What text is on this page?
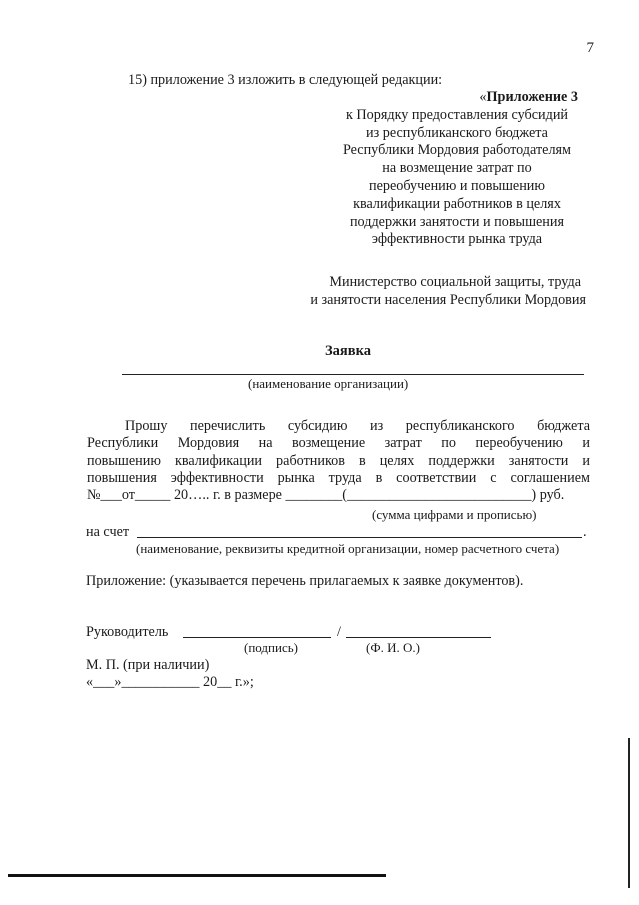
7
15) приложение 3 изложить в следующей редакции:
«Приложение 3
к Порядку предоставления субсидий
из республиканского бюджета
Республики Мордовия работодателям
на возмещение затрат по
переобучению и повышению
квалификации работников в целях
поддержки занятости и повышения
эффективности рынка труда
Министерство социальной защиты, труда
и занятости населения Республики Мордовия
Заявка
(наименование организации)
Прошу перечислить субсидию из республиканского бюджета
Республики Мордовия на возмещение затрат по переобучению и
повышению квалификации работников в целях поддержки занятости и
повышения эффективности рынка труда в соответствии с соглашением
№___от_____ 20….. г. в размере ________(__________________________) руб.
(сумма цифрами и прописью)
на счет	.
(наименование, реквизиты кредитной организации, номер расчетного счета)
Приложение: (указывается перечень прилагаемых к заявке документов).
Руководитель	/
(подпись)	(Ф. И. О.)
М. П. (при наличии)
«___»___________ 20__ г.»;
